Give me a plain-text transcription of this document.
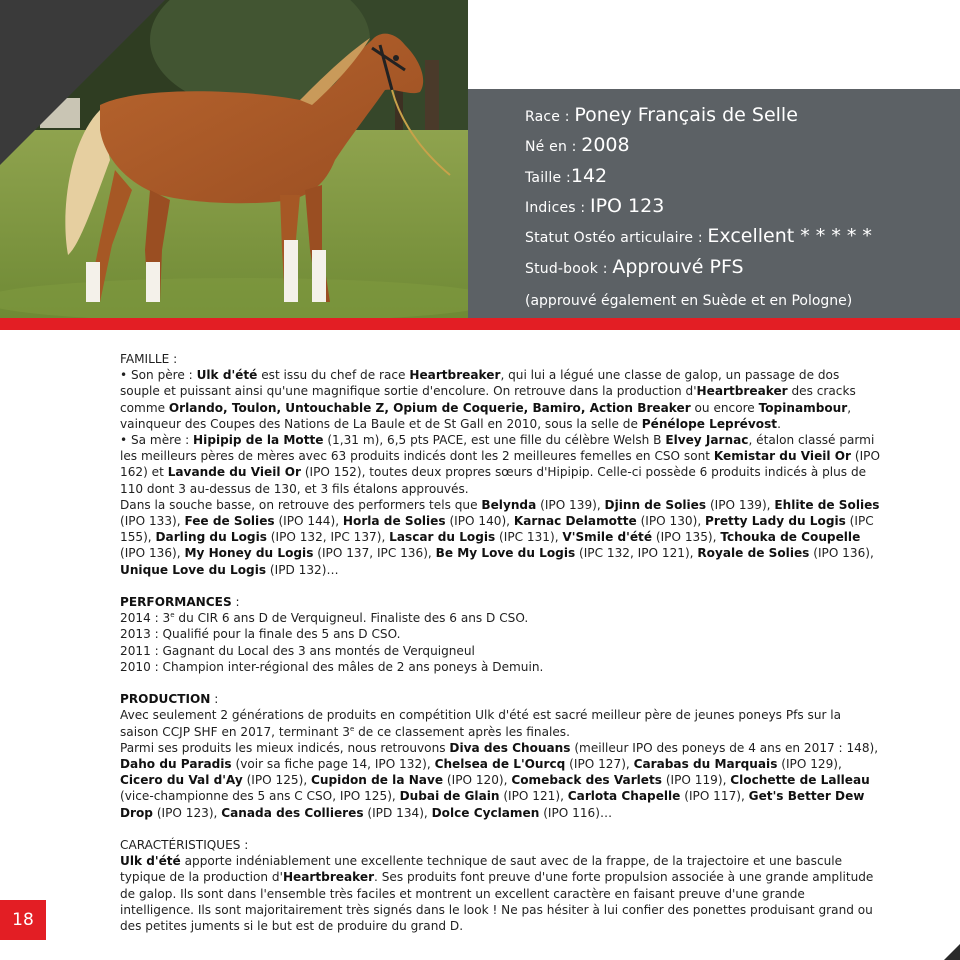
Race : Poney Français de Selle
Né en : 2008
Taille :142
Indices : IPO 123
Statut Ostéo articulaire : Excellent * * * * *
Stud-book : Approuvé PFS
(approuvé également en Suède et en Pologne)

FAMILLE :

• Son père : Ulk d'été est issu du chef de race Heartbreaker, qui lui a légué une classe de galop, un passage de dos souple et puissant ainsi qu'une magnifique sortie d'encolure. On retrouve dans la production d'Heartbreaker des cracks comme Orlando, Toulon, Untouchable Z, Opium de Coquerie, Bamiro, Action Breaker ou encore Topinambour, vainqueur des Coupes des Nations de La Baule et de St Gall en 2010, sous la selle de Pénélope Leprévost.

• Sa mère : Hipipip de la Motte (1,31 m), 6,5 pts PACE, est une fille du célèbre Welsh B Elvey Jarnac, étalon classé parmi les meilleurs pères de mères avec 63 produits indicés dont les 2 meilleures femelles en CSO sont Kemistar du Vieil Or (IPO 162) et Lavande du Vieil Or (IPO 152), toutes deux propres sœurs d'Hipipip. Celle-ci possède 6 produits indicés à plus de 110 dont 3 au-dessus de 130, et 3 fils étalons approuvés.

Dans la souche basse, on retrouve des performers tels que Belynda (IPO 139), Djinn de Solies (IPO 139), Ehlite de Solies (IPO 133), Fee de Solies (IPO 144), Horla de Solies (IPO 140), Karnac Delamotte (IPO 130), Pretty Lady du Logis (IPC 155), Darling du Logis (IPO 132, IPC 137), Lascar du Logis (IPC 131), V'Smile d'été (IPO 135), Tchouka de Coupelle (IPO 136), My Honey du Logis (IPO 137, IPC 136), Be My Love du Logis (IPC 132, IPO 121), Royale de Solies (IPO 136), Unique Love du Logis (IPD 132)…

PERFORMANCES :

2014 : 3e du CIR 6 ans D de Verquigneul. Finaliste des 6 ans D CSO.

2013 : Qualifié pour la finale des 5 ans D CSO.

2011 : Gagnant du Local des 3 ans montés de Verquigneul

2010 : Champion inter-régional des mâles de 2 ans poneys à Demuin.

PRODUCTION :

Avec seulement 2 générations de produits en compétition Ulk d'été est sacré meilleur père de jeunes poneys Pfs sur la saison CCJP SHF en 2017, terminant 3e de ce classement après les finales.

Parmi ses produits les mieux indicés, nous retrouvons Diva des Chouans (meilleur IPO des poneys de 4 ans en 2017 : 148), Daho du Paradis (voir sa fiche page 14, IPO 132), Chelsea de L'Ourcq (IPO 127), Carabas du Marquais (IPO 129), Cicero du Val d'Ay (IPO 125), Cupidon de la Nave (IPO 120), Comeback des Varlets (IPO 119), Clochette de Lalleau (vice-championne des 5 ans C CSO, IPO 125), Dubai de Glain (IPO 121), Carlota Chapelle (IPO 117), Get's Better Dew Drop (IPO 123), Canada des Collieres (IPD 134), Dolce Cyclamen (IPO 116)…

CARACTÉRISTIQUES :

Ulk d'été apporte indéniablement une excellente technique de saut avec de la frappe, de la trajectoire et une bascule typique de la production d'Heartbreaker. Ses produits font preuve d'une forte propulsion associée à une grande amplitude de galop. Ils sont dans l'ensemble très faciles et montrent un excellent caractère en faisant preuve d'une grande intelligence. Ils sont majoritairement très signés dans le look ! Ne pas hésiter à lui confier des ponettes produisant grand ou des petites juments si le but est de produire du grand D.

18
